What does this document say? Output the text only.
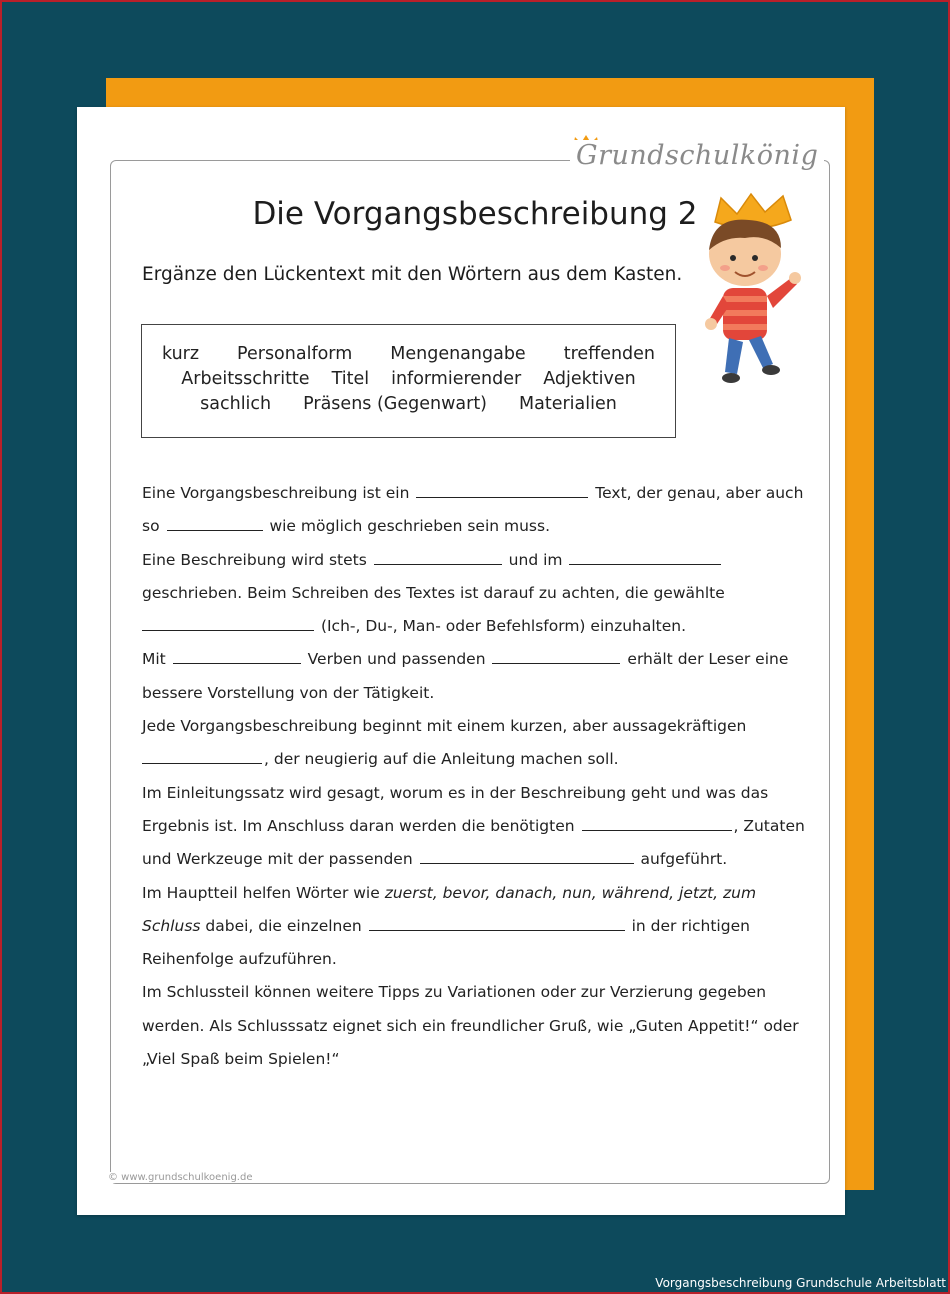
Grundschulkönig
Die Vorgangsbeschreibung 2
Ergänze den Lückentext mit den Wörtern aus dem Kasten.
kurz Personalform Mengenangabe treffenden
Arbeitsschritte Titel informierender Adjektiven
sachlich Präsens (Gegenwart) Materialien
Eine Vorgangsbeschreibung ist ein	Text, der genau, aber auch
so	wie möglich geschrieben sein muss.
Eine Beschreibung wird stets	und im
geschrieben. Beim Schreiben des Textes ist darauf zu achten, die gewählte
(Ich-, Du-, Man- oder Befehlsform) einzuhalten.
Mit	Verben und passenden	erhält der Leser eine
bessere Vorstellung von der Tätigkeit.
Jede Vorgangsbeschreibung beginnt mit einem kurzen, aber aussagekräftigen
, der neugierig auf die Anleitung machen soll.
Im Einleitungssatz wird gesagt, worum es in der Beschreibung geht und was das
Ergebnis ist. Im Anschluss daran werden die benötigten	, Zutaten
und Werkzeuge mit der passenden	aufgeführt.
Im Hauptteil helfen Wörter wie zuerst, bevor, danach, nun, während, jetzt, zum
Schluss dabei, die einzelnen	in der richtigen
Reihenfolge aufzuführen.
Im Schlussteil können weitere Tipps zu Variationen oder zur Verzierung gegeben
werden. Als Schlusssatz eignet sich ein freundlicher Gruß, wie „Guten Appetit!“ oder
„Viel Spaß beim Spielen!“
© www.grundschulkoenig.de
Vorgangsbeschreibung Grundschule Arbeitsblatt
